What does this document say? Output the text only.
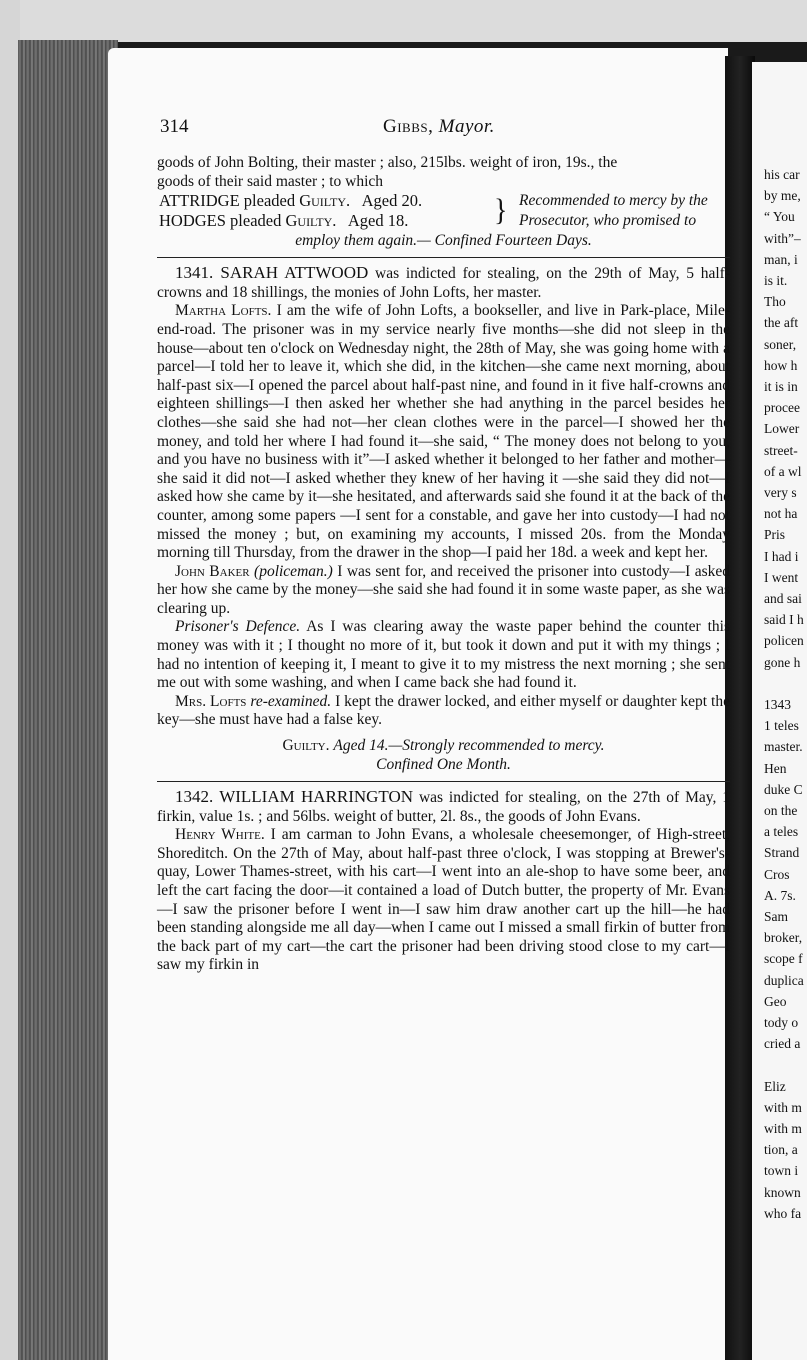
his car
by me,
“ You
with”–
man, i
is it.
Tho
the aft
soner,
how h
it is in
procee
Lower
street-
of a wl
very s
not ha
Pris
I had i
I went
and sai
said I h
policen
gone h
1343
1 teles
master.
Hen
duke C
on the
a teles
Strand
Cros
A. 7s.
Sam
broker,
scope f
duplica
Geo
tody o
cried a
Eliz
with m
with m
tion, a
town i
known
who fa
314	Gibbs, Mayor.

goods of John Bolting, their master ; also, 215lbs. weight of iron, 19s., the

goods of their said master ; to which

ATTRIDGE pleaded Guilty. Aged 20.
HODGES pleaded Guilty. Aged 18.	} Recommended to mercy by the Prosecutor, who promised to

employ them again.— Confined Fourteen Days.

1341. SARAH ATTWOOD was indicted for stealing, on the 29th of May, 5 half-crowns and 18 shillings, the monies of John Lofts, her master.

Martha Lofts. I am the wife of John Lofts, a bookseller, and live in Park-place, Mile-end-road. The prisoner was in my service nearly five months—she did not sleep in the house—about ten o'clock on Wednesday night, the 28th of May, she was going home with a parcel—I told her to leave it, which she did, in the kitchen—she came next morning, about half-past six—I opened the parcel about half-past nine, and found in it five half-crowns and eighteen shillings—I then asked her whether she had anything in the parcel besides her clothes—she said she had not—her clean clothes were in the parcel—I showed her the money, and told her where I had found it—she said, “ The money does not belong to you, and you have no business with it”—I asked whether it belonged to her father and mother—she said it did not—I asked whether they knew of her having it —she said they did not—I asked how she came by it—she hesitated, and afterwards said she found it at the back of the counter, among some papers —I sent for a constable, and gave her into custody—I had not missed the money ; but, on examining my accounts, I missed 20s. from the Monday morning till Thursday, from the drawer in the shop—I paid her 18d. a week and kept her.

John Baker (policeman.) I was sent for, and received the prisoner into custody—I asked her how she came by the money—she said she had found it in some waste paper, as she was clearing up.

Prisoner's Defence. As I was clearing away the waste paper behind the counter this money was with it ; I thought no more of it, but took it down and put it with my things ; I had no intention of keeping it, I meant to give it to my mistress the next morning ; she sent me out with some washing, and when I came back she had found it.

Mrs. Lofts re-examined. I kept the drawer locked, and either myself or daughter kept the key—she must have had a false key.

Guilty. Aged 14.—Strongly recommended to mercy.

Confined One Month.

1342. WILLIAM HARRINGTON was indicted for stealing, on the 27th of May, 1 firkin, value 1s. ; and 56lbs. weight of butter, 2l. 8s., the goods of John Evans.

Henry White. I am carman to John Evans, a wholesale cheesemonger, of High-street, Shoreditch. On the 27th of May, about half-past three o'clock, I was stopping at Brewer's-quay, Lower Thames-street, with his cart—I went into an ale-shop to have some beer, and left the cart facing the door—it contained a load of Dutch butter, the property of Mr. Evans—I saw the prisoner before I went in—I saw him draw another cart up the hill—he had been standing alongside me all day—when I came out I missed a small firkin of butter from the back part of my cart—the cart the prisoner had been driving stood close to my cart—I saw my firkin in
